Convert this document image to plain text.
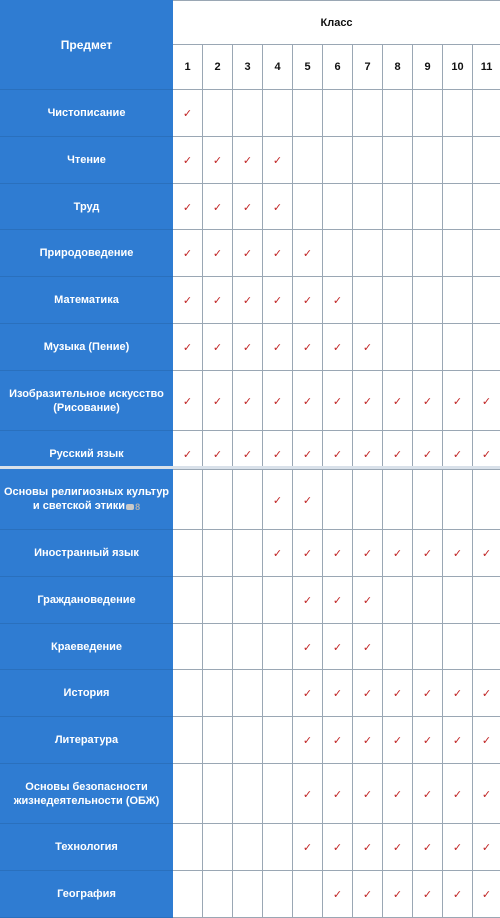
Предмет	Класс										
	1	2	3	4	5	6	7	8	9	10	11
Чистописание	✓										
Чтение	✓	✓	✓	✓							
Труд	✓	✓	✓	✓							
Природоведение	✓	✓	✓	✓	✓						
Математика	✓	✓	✓	✓	✓	✓					
Музыка (Пение)	✓	✓	✓	✓	✓	✓	✓				
Изобразительное искусство (Рисование)	✓	✓	✓	✓	✓	✓	✓	✓	✓	✓	✓
Русский язык	✓	✓	✓	✓	✓	✓	✓	✓	✓	✓	✓
Основы религиозных культур и светской этики 8				✓	✓						
Иностранный язык				✓	✓	✓	✓	✓	✓	✓	✓
Граждановедение					✓	✓	✓				
Краеведение					✓	✓	✓				
История					✓	✓	✓	✓	✓	✓	✓
Литература					✓	✓	✓	✓	✓	✓	✓
Основы безопасности жизнедеятельности (ОБЖ)					✓	✓	✓	✓	✓	✓	✓
Технология					✓	✓	✓	✓	✓	✓	✓
География						✓	✓	✓	✓	✓	✓
